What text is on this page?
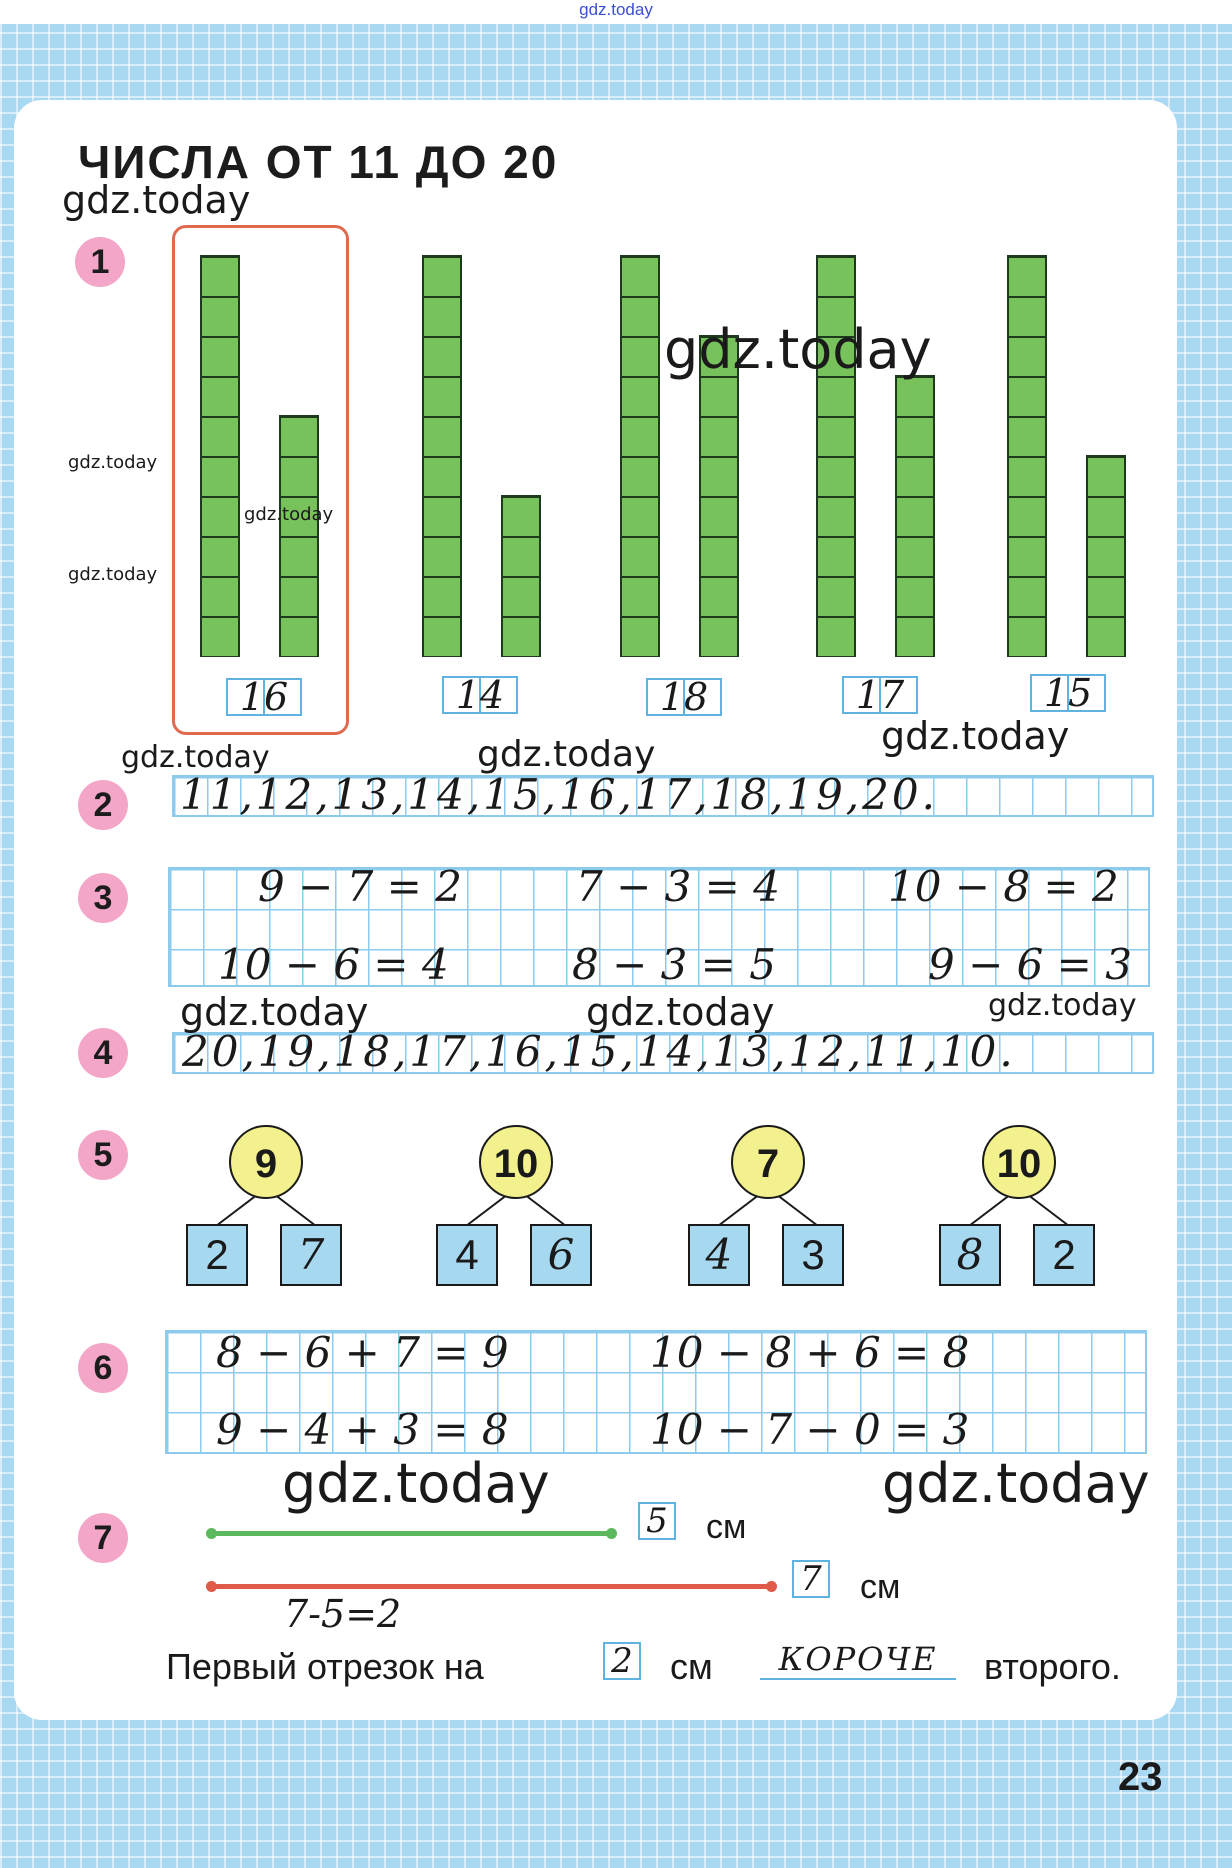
gdz.today
ЧИСЛА ОТ 11 ДО 20
1
2
3
4
5
6
7
16	14	18	17	15
11,12,13,14,15,16,17,18,19,20.
9 − 7 = 2	7 − 3 = 4	10 − 8 = 2
10 − 6 = 4	8 − 3 = 5	9 − 6 = 3
20,19,18,17,16,15,14,13,12,11,10.
9
2	7
10
4	6
7
4	3
10
8	2
8 − 6 + 7 = 9	10 − 8 + 6 = 8
9 − 4 + 3 = 8	10 − 7 − 0 = 3
5 см
7 см
7-5=2
Первый отрезок на	2 см	КОРОЧЕ	второго.
23
gdz.today
gdz.today
gdz.today
gdz.today
gdz.today
gdz.today	gdz.today	gdz.today
gdz.today	gdz.today	gdz.today
gdz.today	gdz.today
